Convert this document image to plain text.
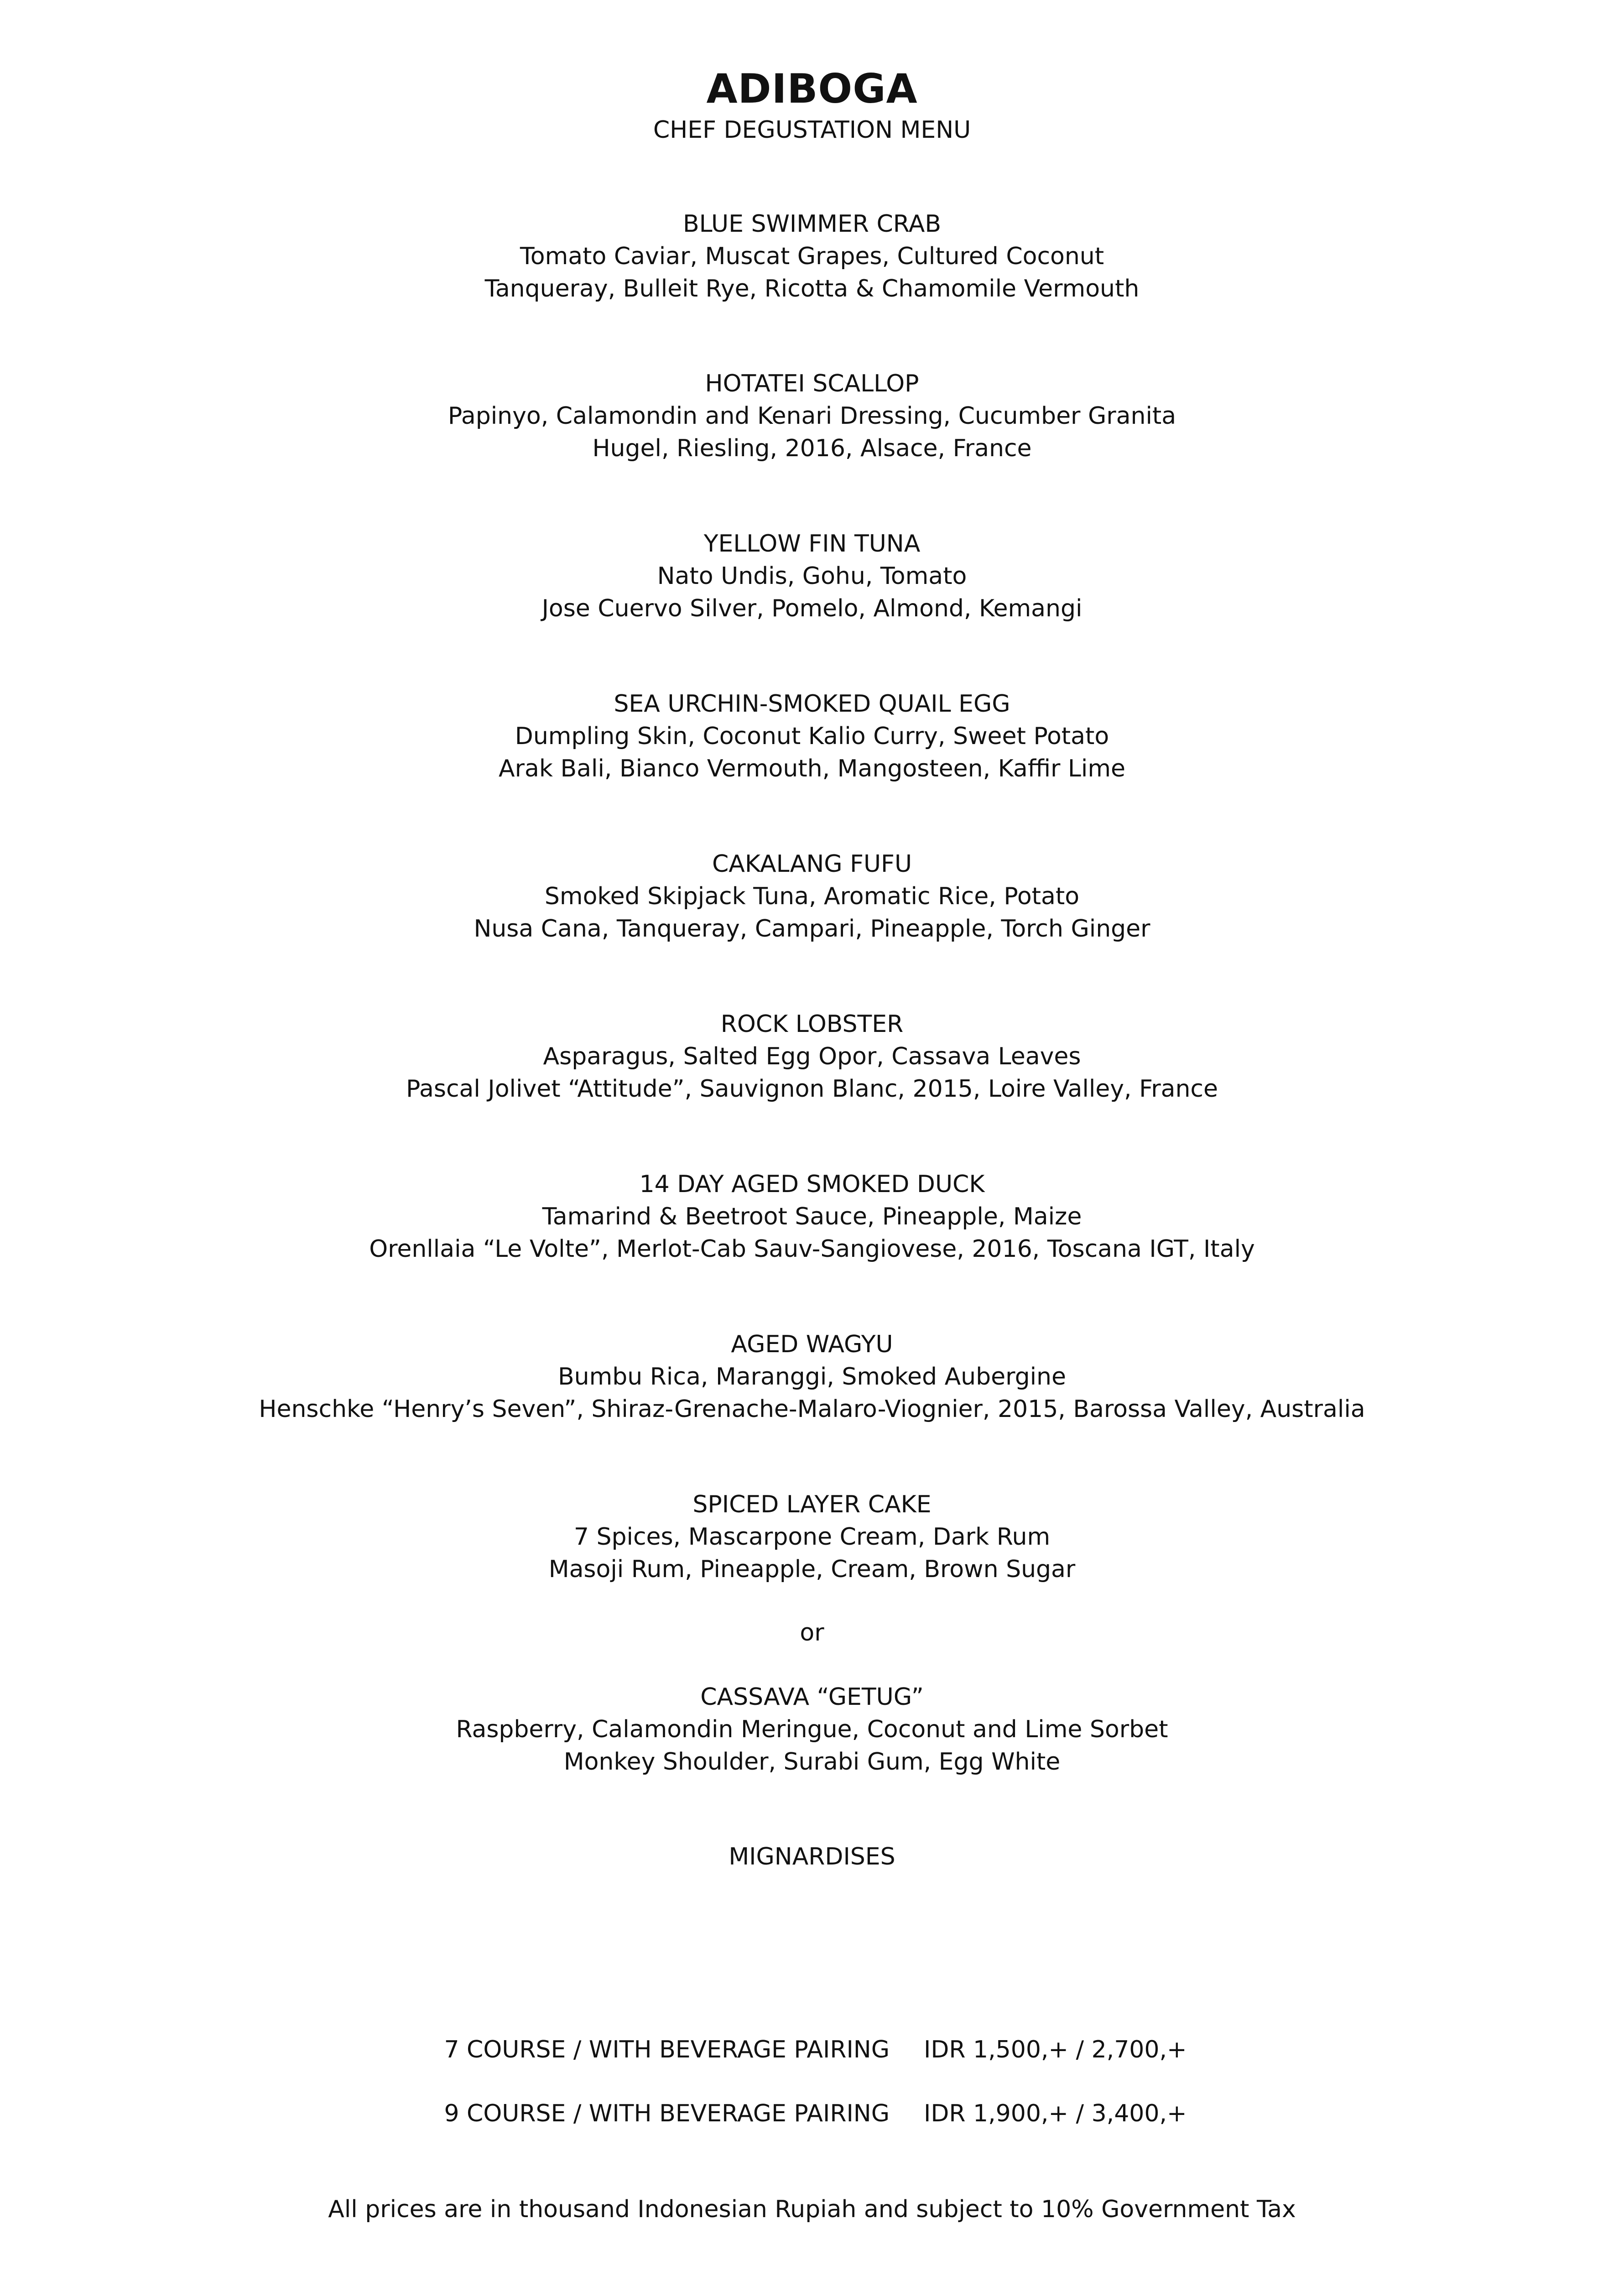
ADIBOGA
CHEF DEGUSTATION MENU
BLUE SWIMMER CRAB
Tomato Caviar, Muscat Grapes, Cultured Coconut
Tanqueray, Bulleit Rye, Ricotta & Chamomile Vermouth
HOTATEI SCALLOP
Papinyo, Calamondin and Kenari Dressing, Cucumber Granita
Hugel, Riesling, 2016, Alsace, France
YELLOW FIN TUNA
Nato Undis, Gohu, Tomato
Jose Cuervo Silver, Pomelo, Almond, Kemangi
SEA URCHIN-SMOKED QUAIL EGG
Dumpling Skin, Coconut Kalio Curry, Sweet Potato
Arak Bali, Bianco Vermouth, Mangosteen, Kaffir Lime
CAKALANG FUFU
Smoked Skipjack Tuna, Aromatic Rice, Potato
Nusa Cana, Tanqueray, Campari, Pineapple, Torch Ginger
ROCK LOBSTER
Asparagus, Salted Egg Opor, Cassava Leaves
Pascal Jolivet “Attitude”, Sauvignon Blanc, 2015, Loire Valley, France
14 DAY AGED SMOKED DUCK
Tamarind & Beetroot Sauce, Pineapple, Maize
Orenllaia “Le Volte”, Merlot-Cab Sauv-Sangiovese, 2016, Toscana IGT, Italy
AGED WAGYU
Bumbu Rica, Maranggi, Smoked Aubergine
Henschke “Henry’s Seven”, Shiraz-Grenache-Malaro-Viognier, 2015, Barossa Valley, Australia
SPICED LAYER CAKE
7 Spices, Mascarpone Cream, Dark Rum
Masoji Rum, Pineapple, Cream, Brown Sugar
or
CASSAVA “GETUG”
Raspberry, Calamondin Meringue, Coconut and Lime Sorbet
Monkey Shoulder, Surabi Gum, Egg White
MIGNARDISES
7 COURSE / WITH BEVERAGE PAIRING IDR 1,500,+ / 2,700,+
9 COURSE / WITH BEVERAGE PAIRING IDR 1,900,+ / 3,400,+
All prices are in thousand Indonesian Rupiah and subject to 10% Government Tax
